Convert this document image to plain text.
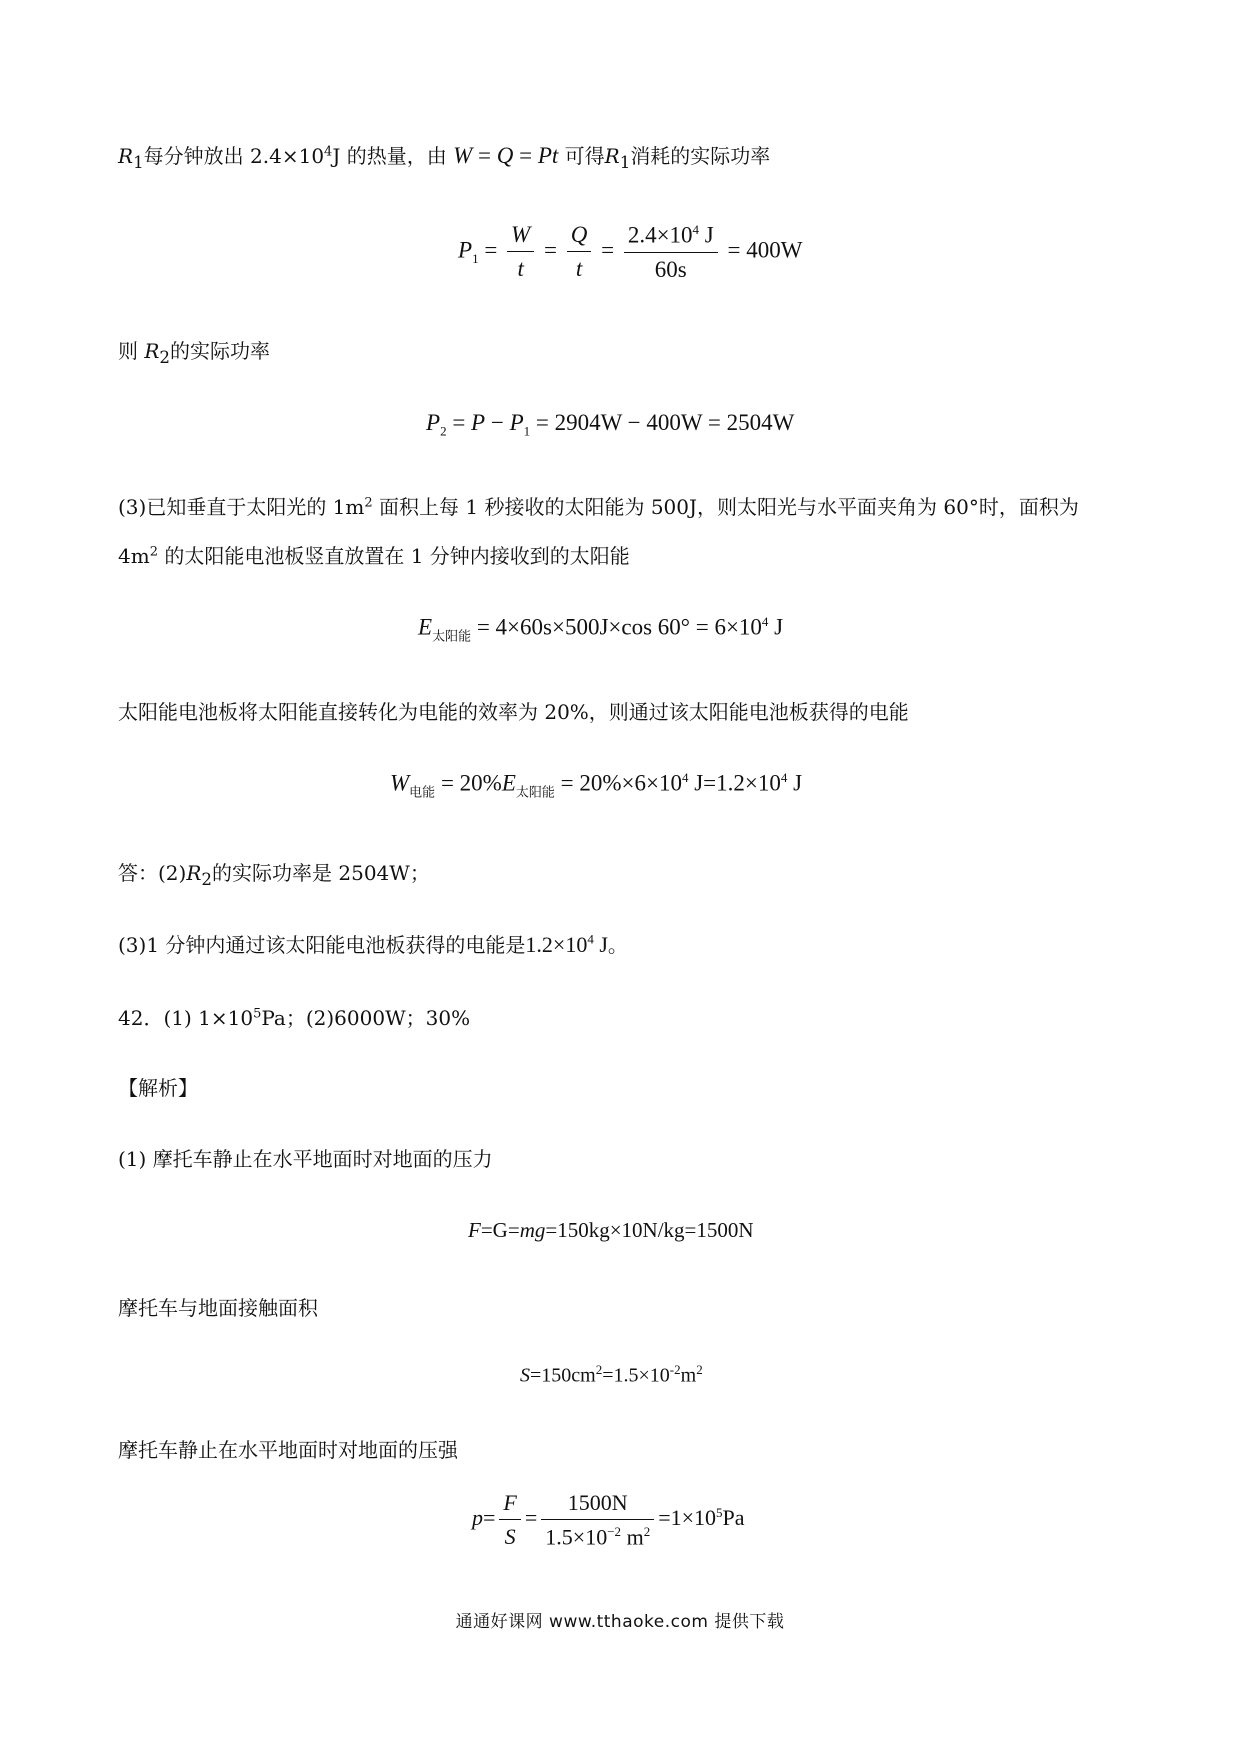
$R_1$每分钟放出 $2.4\times 10^4J$ 的热量，由 W = Q = Pt 可得$R_1$消耗的实际功率
$P_1 = \frac{W}{t} = \frac{Q}{t} = \frac{2.4\times 10^4 J}{60s} = 400W$
则 $R_2$的实际功率
$P_2 = P - P_1 = 2904W - 400W = 2504W$
(3)已知垂直于太阳光的 $1m^2$ 面积上每 1 秒接收的太阳能为 500J，则太阳光与水平面夹角为 60°时，面积为
$4m^2$ 的太阳能电池板竖直放置在 1 分钟内接收到的太阳能
$E_{太阳能} = 4\times 60s\times 500J\times\cos$ $60^\circ = 6\times 10^4$ J
太阳能电池板将太阳能直接转化为电能的效率为 20%，则通过该太阳能电池板获得的电能
$W_{电能} = 20\%E_{太阳能} = 20\%\times 6\times 10^4$ $J=1.2\times 10^4$ J
答：$(2)R_2$的实际功率是 2504W；
(3)1 分钟内通过该太阳能电池板获得的电能是$1.2\times 10^4$ J。
42．(1) $1\times 10^5Pa$；(2)6000W；30%
【解析】
(1) 摩托车静止在水平地面时对地面的压力
F=G=mg=150kg×10N/kg=1500N
摩托车与地面接触面积
$S=150cm^2=1.5\times 10^{-2}m^2$
摩托车静止在水平地面时对地面的压强
$p= \frac{F}{S} = \frac{1500N}{1.5\times 10^{-2} m^2} =1\times 10^5Pa$
通通好课网 www.tthaoke.com 提供下载
